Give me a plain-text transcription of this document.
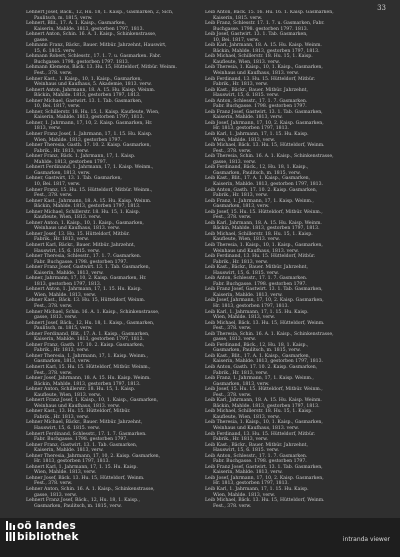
33
Lehnert Josef, Bäck., 12, Hu. 18, 1. Kaisp., Gasmarken, 2, Sich,
Paulitsch, m. 1815, verw.
Lehnert, Blit., 17. A. 1. Kaisp., Gasmarken,
Kaiserin, Mahlde. 1813, gestorben 1797, 1813.
Lehnert Anton, Schin. 16. A. 1. Kaisp., Schinkenstrasse,
gasse.
Lehmann Franz, Bäckr., Bauer. Mitbür. Jahrzehnt, Hauswirt,
15, 6. 1815. verw.
Lehmann Robert, Schlesstr., 17. 1. 7. u. Gasmarken. Fabr.
Buchgasse. 1798. gestorben 1797. 1813.
Lehmann Klemens, Bäck. 13. Hu. 15, Hütteldorf, Mitbür. Weinm.
Fest., 378. verw.
Lehner Kast., 1. Kaisp., 10, 1. Kaisp., Gasmarken,
Weinhaus und Kaufhaus, 5. Akademie, 1813. verw.
Lehnert Anton, Jahrmann, 18. A. 15. Hu. Kaisp. Weinm.
Bäckin, Mahlde. 1813, gestorben 1797, 1813.
Lehner Michael, Gastwirt. 13. 1. Tab. Gasmarken,
10, Bei. 1817, verw.
Lehner, Schillerstr. 18. Hu. 15, 1. Kaisp. Kaufleute, Wien,
Kaiserin, Mahlde. 1813, gestorben 1797, 1813.
Lehner, 1. Jahrmann, 17, 10, 2. Kaisp. Gasmarken, Hr.
1813, verw.
Lehner Franz Josef, 1. Jahrmann, 17, 1. 15. Hu. Kaisp.
Wien, Mahlde. 1813, gestorben 1797.
Lehner Theresia, Gasth. 17. 10. 2. Kaisp. Gasmarken,
Fabrik., Hr. 1813, verw.
Lehner Franz, Bäck. 1. Jahrmann, 17, 1. Kaisp.
Mahlde. 1813, gestorben 1797.
Lehnert Ferdinand, 1. Jahrmann, 17, 1. Kaisp. Weinm.,
Gasmarken, 1813, verw.
Lehner, Gastwirt, 13. 1. Tab. Gasmarken,
10, Bei. 1817, verw.
Lehner Franz, 15. Hu. 15. Hütteldorf, Mitbür. Weinm.,
Fest., 378. verw.
Lehner Kast., Jahrmann, 18. A. 15. Hu. Kaisp. Weinm.
Bäckin, Mahlde. 1813, gestorben 1797, 1813.
Lehner Michael, Schillerstr. 18. Hu. 15, 1. Kaisp.
Kaufleute, Wien, 1813. verw.
Lehner Anton, 1. Kaisp., 10, 1. Kaisp., Gasmarken,
Weinhaus und Kaufhaus, 1813. verw.
Lehner Josef, 13. Hu. 15. Hütteldorf, Mitbür.
Fabrik., Hr. 1813, verw.
Lehnert Karl, Bäckr., Bauer. Mitbür. Jahrzehnt,
Hauswirt, 15, 6. 1815. verw.
Lehner Theresia, Schlesstr., 17. 1. 7. Gasmarken.
Fabr. Buchgasse. 1798. gestorben 1797.
Lehner Franz Josef, Gastwirt. 13. 1. Tab. Gasmarken,
Kaiserin, Mahlde. 1813, verw.
Lehner, Jahrmann, 17, 10, 2. Kaisp. Gasmarken, Hr.
1813, gestorben 1797, 1813.
Lehnert Anton, 1. Jahrmann, 17, 1. 15. Hu. Kaisp.
Wien, Mahlde. 1813, verw.
Lehner Kast., Bäck. 13. Hu. 15, Hütteldorf, Weinm.
Fest., 378. verw.
Lehner Michael, Schin. 16. A. 1. Kaisp., Schinkenstrasse,
gasse, 1813. verw.
Lehnert Josef, Bäck., 12, Hu. 18, 1. Kaisp., Gasmarken,
Paulitsch, m. 1815, verw.
Lehner Ferdinand, Blit., 17. A. 1. Kaisp., Gasmarken,
Kaiserin, Mahlde. 1813, gestorben 1797, 1813.
Lehner Franz, Gasth. 17. 10. 2. Kaisp. Gasmarken,
Fabrik., Hr. 1813, verw.
Lehner Theresia, 1. Jahrmann, 17, 1. Kaisp. Weinm.,
Gasmarken, 1813, verw.
Lehnert Karl, 15. Hu. 15. Hütteldorf, Mitbür. Weinm.,
Fest., 378. verw.
Lehner Josef, Jahrmann, 18. A. 15. Hu. Kaisp. Weinm.
Bäckin, Mahlde. 1813, gestorben 1797, 1813.
Lehner Anton, Schillerstr. 18. Hu. 15, 1. Kaisp.
Kaufleute, Wien, 1813. verw.
Lehnert Franz Josef, 1. Kaisp., 10, 1. Kaisp., Gasmarken,
Weinhaus und Kaufhaus, 1813. verw.
Lehner Kast., 13. Hu. 15. Hütteldorf, Mitbür.
Fabrik., Hr. 1813, verw.
Lehner Michael, Bäckr., Bauer. Mitbür. Jahrzehnt,
Hauswirt, 15, 6. 1815. verw.
Lehnert Ferdinand, Schlesstr., 17. 1. 7. Gasmarken.
Fabr. Buchgasse. 1798. gestorben 1797.
Lehner Franz, Gastwirt. 13. 1. Tab. Gasmarken,
Kaiserin, Mahlde. 1813, verw.
Lehner Theresia, Jahrmann, 17, 10, 2. Kaisp. Gasmarken,
Hr. 1813, gestorben 1797, 1813.
Lehnert Karl, 1. Jahrmann, 17, 1. 15. Hu. Kaisp.
Wien, Mahlde. 1813, verw.
Lehner Josef, Bäck. 13. Hu. 15, Hütteldorf, Weinm.
Fest., 378. verw.
Lehner Anton, Schin. 16. A. 1. Kaisp., Schinkenstrasse,
gasse, 1813. verw.
Lehnert Franz Josef, Bäck., 12, Hu. 18, 1. Kaisp.,
Gasmarken, Paulitsch, m. 1815, verw.
Leib Anton, Bäck. 15. 16. Hu. 16. 1. Kaisp. Gasmarken,
Kaiserin, 1815. verw.
Leib Franz, Schlesstr. 17. 1. 7. u. Gasmarken, Fabr.
Buchgasse. 1798. gestorben 1797. 1813.
Leib Josef, Gastwirt. 13. 1. Tab. Gasmarken,
10, Bei. 1817, verw.
Leib Karl, Jahrmann, 18. A. 15. Hu. Kaisp. Weinm.
Bäckin, Mahlde. 1813, gestorben 1797, 1813.
Leib Michael, Schillerstr. 18. Hu. 15, 1. Kaisp.
Kaufleute, Wien, 1813. verw.
Leib Theresia, 1. Kaisp., 10, 1. Kaisp., Gasmarken,
Weinhaus und Kaufhaus, 1813. verw.
Leib Ferdinand, 13. Hu. 15. Hütteldorf, Mitbür.
Fabrik., Hr. 1813, verw.
Leib Kast., Bäckr., Bauer. Mitbür. Jahrzehnt,
Hauswirt, 15, 6. 1815. verw.
Leib Anton, Schlesstr., 17. 1. 7. Gasmarken.
Fabr. Buchgasse. 1798. gestorben 1797.
Leib Franz Josef, Gastwirt. 13. 1. Tab. Gasmarken,
Kaiserin, Mahlde. 1813, verw.
Leib Josef, Jahrmann, 17, 10, 2. Kaisp. Gasmarken,
Hr. 1813, gestorben 1797, 1813.
Leib Karl, 1. Jahrmann, 17, 1. 15. Hu. Kaisp.
Wien, Mahlde. 1813, verw.
Leib Michael, Bäck. 13. Hu. 15, Hütteldorf, Weinm.
Fest., 378. verw.
Leib Theresia, Schin. 16. A. 1. Kaisp., Schinkenstrasse,
gasse, 1813. verw.
Leib Ferdinand, Bäck., 12, Hu. 18, 1. Kaisp.,
Gasmarken, Paulitsch, m. 1815, verw.
Leib Kast., Blit., 17. A. 1. Kaisp., Gasmarken,
Kaiserin, Mahlde. 1813, gestorben 1797, 1813.
Leib Anton, Gasth. 17. 10. 2. Kaisp. Gasmarken,
Fabrik., Hr. 1813, verw.
Leib Franz, 1. Jahrmann, 17, 1. Kaisp. Weinm.,
Gasmarken, 1813, verw.
Leib Josef, 15. Hu. 15. Hütteldorf, Mitbür. Weinm.,
Fest., 378. verw.
Leib Karl, Jahrmann, 18. A. 15. Hu. Kaisp. Weinm.
Bäckin, Mahlde. 1813, gestorben 1797, 1813.
Leib Michael, Schillerstr. 18. Hu. 15, 1. Kaisp.
Kaufleute, Wien, 1813. verw.
Leib Theresia, 1. Kaisp., 10, 1. Kaisp., Gasmarken,
Weinhaus und Kaufhaus, 1813. verw.
Leib Ferdinand, 13. Hu. 15. Hütteldorf, Mitbür.
Fabrik., Hr. 1813, verw.
Leib Kast., Bäckr., Bauer. Mitbür. Jahrzehnt,
Hauswirt, 15, 6. 1815. verw.
Leib Anton, Schlesstr., 17. 1. 7. Gasmarken.
Fabr. Buchgasse. 1798. gestorben 1797.
Leib Franz Josef, Gastwirt. 13. 1. Tab. Gasmarken,
Kaiserin, Mahlde. 1813, verw.
Leib Josef, Jahrmann, 17, 10, 2. Kaisp. Gasmarken,
Hr. 1813, gestorben 1797, 1813.
Leib Karl, 1. Jahrmann, 17, 1. 15. Hu. Kaisp.
Wien, Mahlde. 1813, verw.
Leib Michael, Bäck. 13. Hu. 15, Hütteldorf, Weinm.
Fest., 378. verw.
Leib Theresia, Schin. 16. A. 1. Kaisp., Schinkenstrasse,
gasse, 1813. verw.
Leib Ferdinand, Bäck., 12, Hu. 18, 1. Kaisp.,
Gasmarken, Paulitsch, m. 1815, verw.
Leib Kast., Blit., 17. A. 1. Kaisp., Gasmarken,
Kaiserin, Mahlde. 1813, gestorben 1797, 1813.
Leib Anton, Gasth. 17. 10. 2. Kaisp. Gasmarken,
Fabrik., Hr. 1813, verw.
Leib Franz, 1. Jahrmann, 17, 1. Kaisp. Weinm.,
Gasmarken, 1813, verw.
Leib Josef, 15. Hu. 15. Hütteldorf, Mitbür. Weinm.,
Fest., 378. verw.
Leib Karl, Jahrmann, 18. A. 15. Hu. Kaisp. Weinm.
Bäckin, Mahlde. 1813, gestorben 1797, 1813.
Leib Michael, Schillerstr. 18. Hu. 15, 1. Kaisp.
Kaufleute, Wien, 1813. verw.
Leib Theresia, 1. Kaisp., 10, 1. Kaisp., Gasmarken,
Weinhaus und Kaufhaus, 1813. verw.
Leib Ferdinand, 13. Hu. 15. Hütteldorf, Mitbür.
Fabrik., Hr. 1813, verw.
Leib Kast., Bäckr., Bauer. Mitbür. Jahrzehnt,
Hauswirt, 15, 6. 1815. verw.
Leib Anton, Schlesstr., 17. 1. 7. Gasmarken.
Fabr. Buchgasse. 1798. gestorben 1797.
Leib Franz Josef, Gastwirt. 13. 1. Tab. Gasmarken,
Kaiserin, Mahlde. 1813, verw.
Leib Josef, Jahrmann, 17, 10, 2. Kaisp. Gasmarken,
Hr. 1813, gestorben 1797, 1813.
Leib Karl, 1. Jahrmann, 17, 1. 15. Hu. Kaisp.
Wien, Mahlde. 1813, verw.
Leib Michael, Bäck. 13. Hu. 15, Hütteldorf, Weinm.
Fest., 378. verw.
oö landes
bibliothek	intranda viewer
